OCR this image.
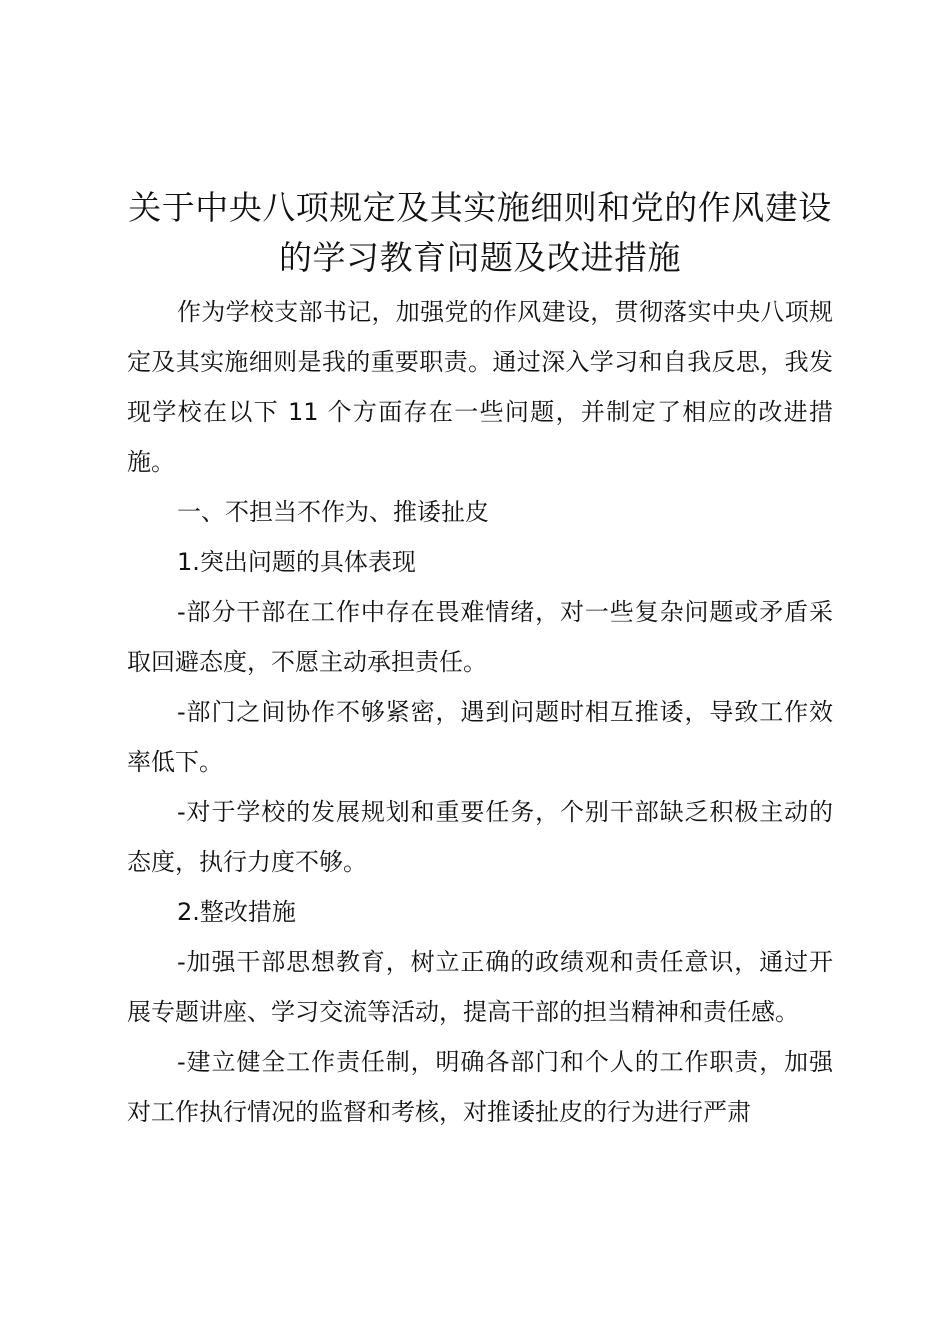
关于中央八项规定及其实施细则和党的作风建设的学习教育问题及改进措施

作为学校支部书记，加强党的作风建设，贯彻落实中央八项规定及其实施细则是我的重要职责。通过深入学习和自我反思，我发现学校在以下 11 个方面存在一些问题，并制定了相应的改进措施。

一、不担当不作为、推诿扯皮

1.突出问题的具体表现

-部分干部在工作中存在畏难情绪，对一些复杂问题或矛盾采取回避态度，不愿主动承担责任。

-部门之间协作不够紧密，遇到问题时相互推诿，导致工作效率低下。

-对于学校的发展规划和重要任务，个别干部缺乏积极主动的态度，执行力度不够。

2.整改措施

-加强干部思想教育，树立正确的政绩观和责任意识，通过开展专题讲座、学习交流等活动，提高干部的担当精神和责任感。

-建立健全工作责任制，明确各部门和个人的工作职责，加强对工作执行情况的监督和考核，对推诿扯皮的行为进行严肃
